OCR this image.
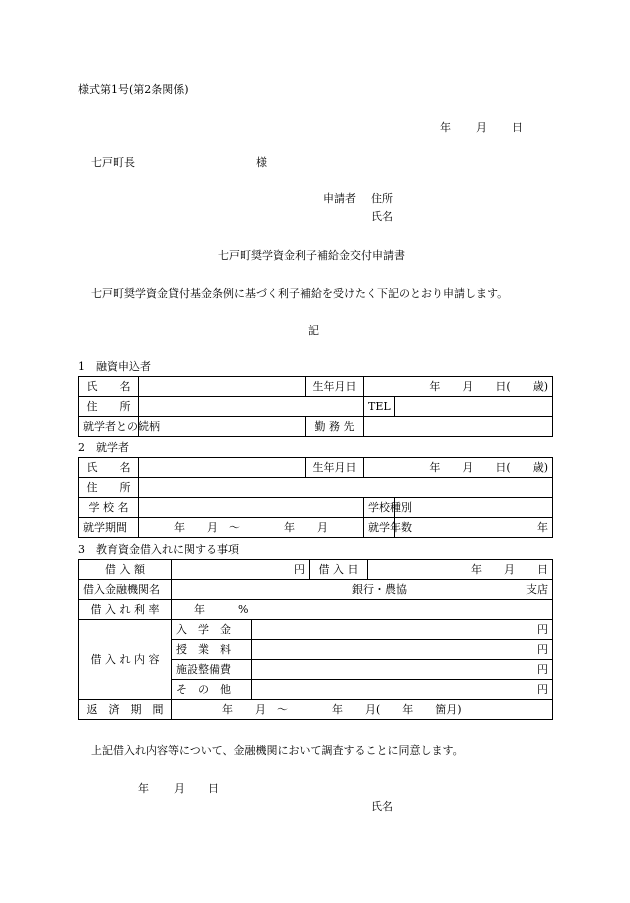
様式第1号(第2条関係)
年 月 日
七戸町長	様
申請者 住所
氏名
七戸町奨学資金利子補給金交付申請書
七戸町奨学資金貸付基金条例に基づく利子補給を受けたく下記のとおり申請します。
記
1　融資申込者
氏　　名		生年月日	年　　月　　日(　　歳)	
住　　所			TEL	
就学者との続柄		勤 務 先		
2　就学者
氏　　名		生年月日	年　　月　　日(　　歳)	
住　　所				
学 校 名			学校種別	
就学期間	年　　月　～　　　　年　　月		就学年数	年
3　教育資金借入れに関する事項
借 入 額	円		借 入 日	年　　月　　日
借入金融機関名	銀行・農協 支店			

借 入 れ 利 率	年　　　%			
借 入 れ 内 容	入　学　金	円		
	授　業　料	円		
	施設整備費	円		
	そ　の　他	円		
返　済　期　間	年　　月　～　　　　年　　月(　　年　　箇月)			
上記借入れ内容等について、金融機関において調査することに同意します。
年 月 日
氏名
